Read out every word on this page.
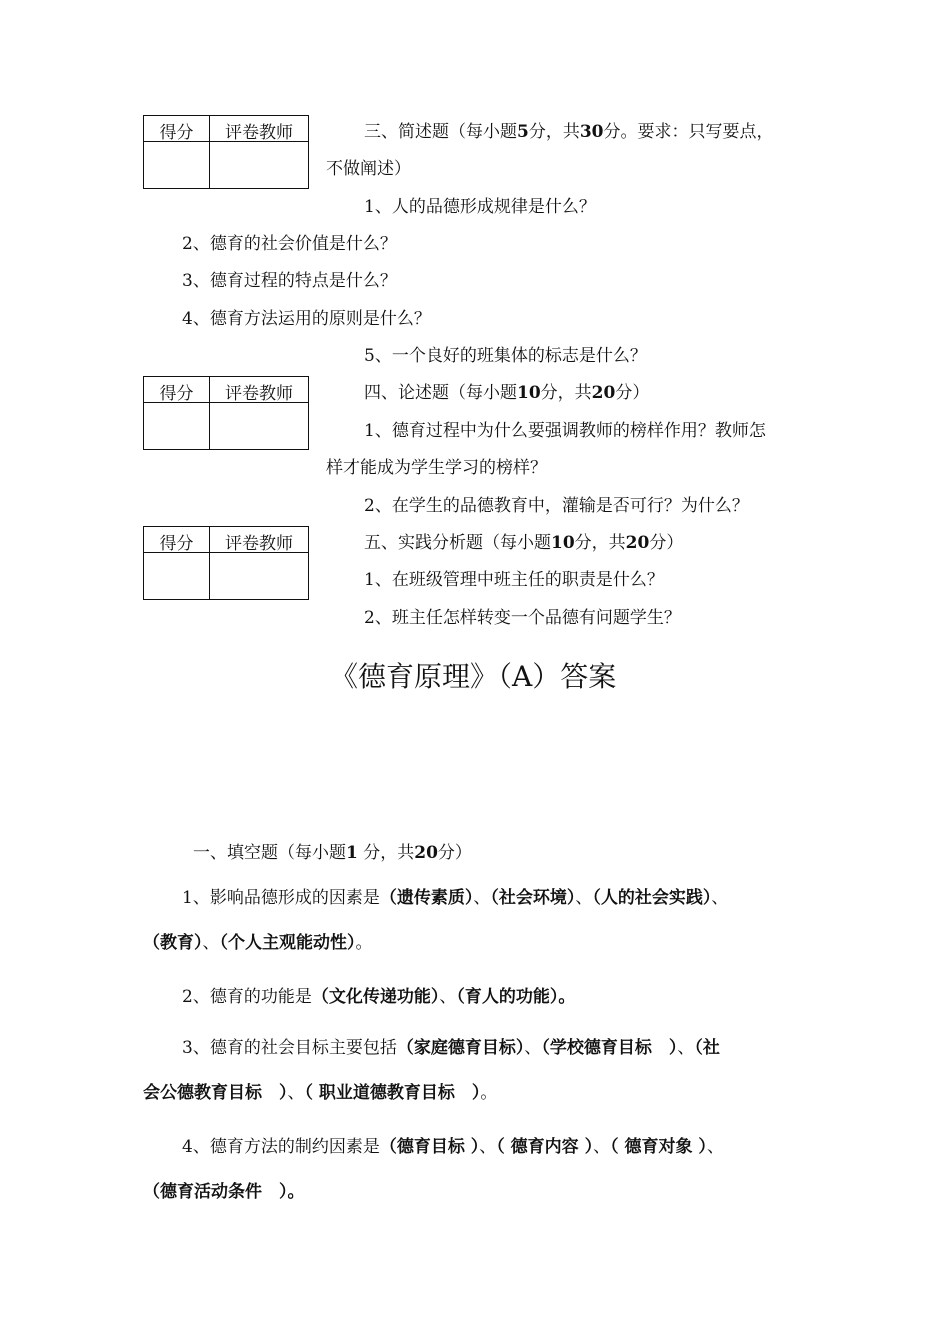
得分	评卷教师
得分	评卷教师
得分	评卷教师
三、简述题（每小题5分，共30分。要求：只写要点，
不做阐述）
1、人的品德形成规律是什么？
2、德育的社会价值是什么？
3、德育过程的特点是什么？
4、德育方法运用的原则是什么？
5、一个良好的班集体的标志是什么？
四、论述题（每小题10分，共20分）
1、德育过程中为什么要强调教师的榜样作用？教师怎
样才能成为学生学习的榜样？
2、在学生的品德教育中，灌输是否可行？为什么？
五、实践分析题（每小题10分，共20分）
1、在班级管理中班主任的职责是什么？
2、班主任怎样转变一个品德有问题学生？
《德育原理》（A）答案
一、填空题（每小题1 分，共20分）
1、影响品德形成的因素是（遗传素质）、（社会环境）、（人的社会实践）、
（教育）、（个人主观能动性）。
2、德育的功能是（文化传递功能）、（育人的功能）。
3、德育的社会目标主要包括（家庭德育目标）、（学校德育目标　）、（社
会公德教育目标　）、（ 职业道德教育目标　）。
4、德育方法的制约因素是（德育目标 ）、（ 德育内容 ）、（ 德育对象 ）、
（德育活动条件　）。
